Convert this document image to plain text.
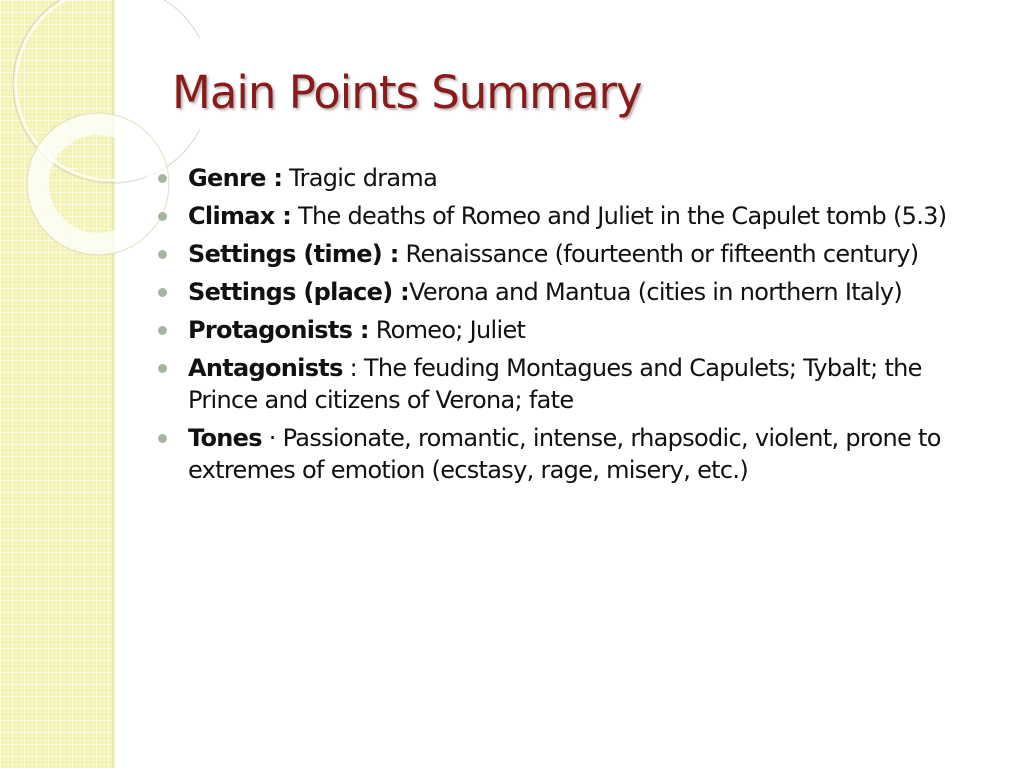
Main Points Summary
Genre : Tragic drama
Climax : The deaths of Romeo and Juliet in the Capulet tomb (5.3)
Settings (time) : Renaissance (fourteenth or fifteenth century)
Settings (place) :Verona and Mantua (cities in northern Italy)
Protagonists : Romeo; Juliet
Antagonists : The feuding Montagues and Capulets; Tybalt; the Prince and citizens of Verona; fate
Tones · Passionate, romantic, intense, rhapsodic, violent, prone to extremes of emotion (ecstasy, rage, misery, etc.)
